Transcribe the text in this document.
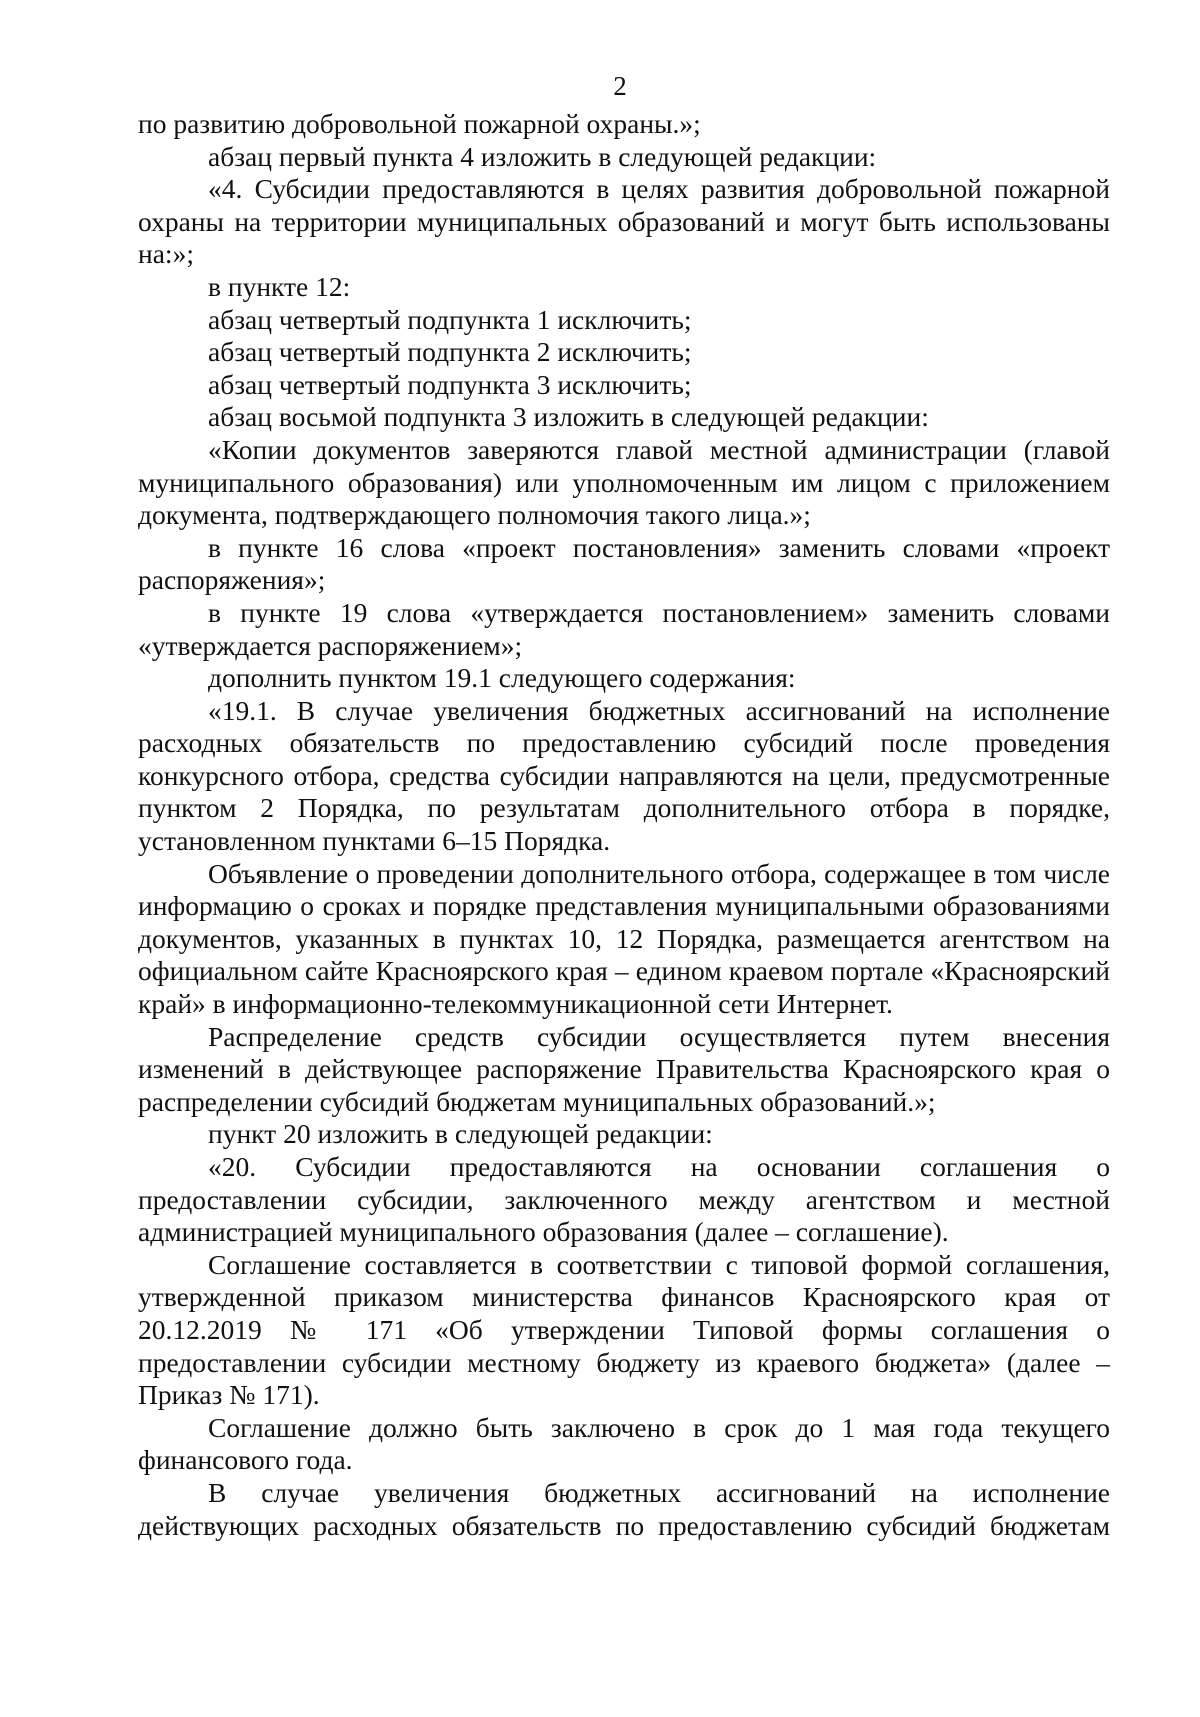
2

по развитию добровольной пожарной охраны.»;

абзац первый пункта 4 изложить в следующей редакции:

«4. Субсидии предоставляются в целях развития добровольной пожарной охраны на территории муниципальных образований и могут быть использованы на:»;

в пункте 12:

абзац четвертый подпункта 1 исключить;

абзац четвертый подпункта 2 исключить;

абзац четвертый подпункта 3 исключить;

абзац восьмой подпункта 3 изложить в следующей редакции:

«Копии документов заверяются главой местной администрации (главой муниципального образования) или уполномоченным им лицом с приложением документа, подтверждающего полномочия такого лица.»;

в пункте 16 слова «проект постановления» заменить словами «проект распоряжения»;

в пункте 19 слова «утверждается постановлением» заменить словами «утверждается распоряжением»;

дополнить пунктом 19.1 следующего содержания:

«19.1. В случае увеличения бюджетных ассигнований на исполнение расходных обязательств по предоставлению субсидий после проведения конкурсного отбора, средства субсидии направляются на цели, предусмотренные пунктом 2 Порядка, по результатам дополнительного отбора в порядке, установленном пунктами 6–15 Порядка.

Объявление о проведении дополнительного отбора, содержащее в том числе информацию о сроках и порядке представления муниципальными образованиями документов, указанных в пунктах 10, 12 Порядка, размещается агентством на официальном сайте Красноярского края – едином краевом портале «Красноярский край» в информационно-телекоммуникационной сети Интернет.

Распределение средств субсидии осуществляется путем внесения изменений в действующее распоряжение Правительства Красноярского края о распределении субсидий бюджетам муниципальных образований.»;

пункт 20 изложить в следующей редакции:

«20. Субсидии предоставляются на основании соглашения о предоставлении субсидии, заключенного между агентством и местной администрацией муниципального образования (далее – соглашение).

Соглашение составляется в соответствии с типовой формой соглашения, утвержденной приказом министерства финансов Красноярского края от 20.12.2019 № 171 «Об утверждении Типовой формы соглашения о предоставлении субсидии местному бюджету из краевого бюджета» (далее – Приказ № 171).

Соглашение должно быть заключено в срок до 1 мая года текущего финансового года.

В случае увеличения бюджетных ассигнований на исполнение действующих расходных обязательств по предоставлению субсидий бюджетам
